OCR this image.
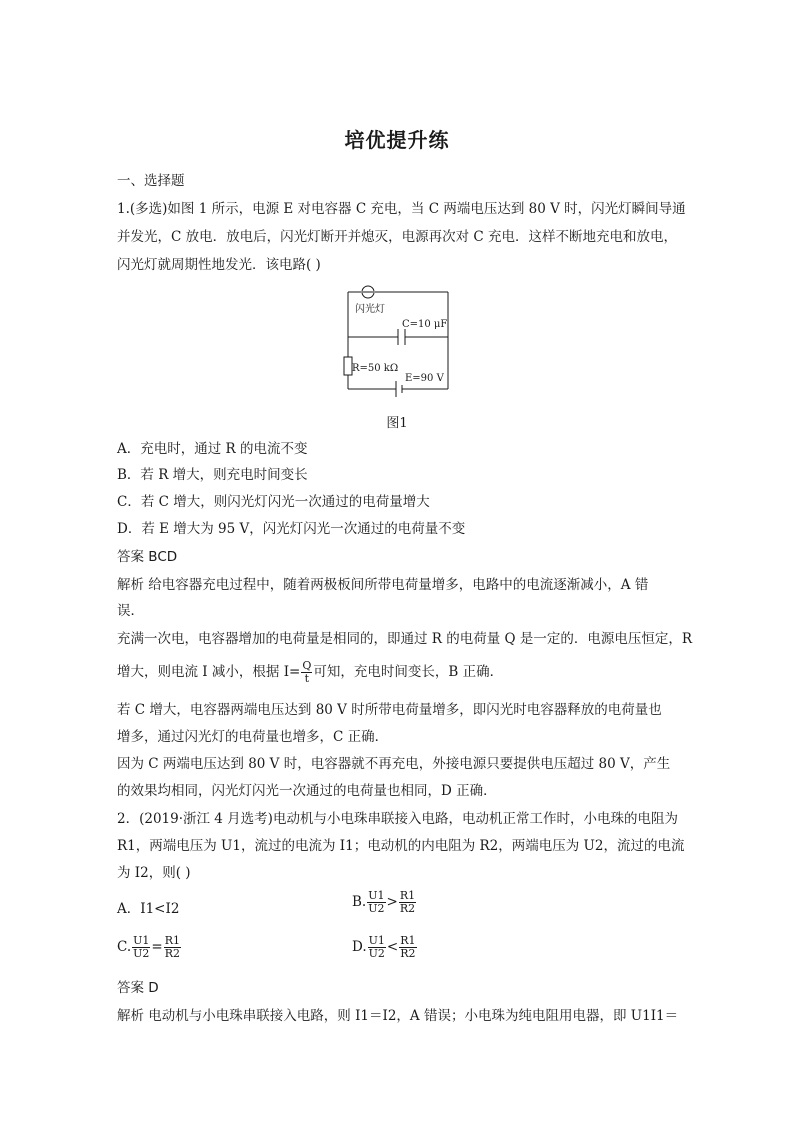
培优提升练
一、选择题
1.(多选)如图 1 所示，电源 E 对电容器 C 充电，当 C 两端电压达到 80 V 时，闪光灯瞬间导通
并发光，C 放电．放电后，闪光灯断开并熄灭，电源再次对 C 充电．这样不断地充电和放电，
闪光灯就周期性地发光．该电路( )
闪光灯
C=10 μF
R=50 kΩ
E=90 V
图1
A．充电时，通过 R 的电流不变
B．若 R 增大，则充电时间变长
C．若 C 增大，则闪光灯闪光一次通过的电荷量增大
D．若 E 增大为 95 V，闪光灯闪光一次通过的电荷量不变
答案 BCD
解析 给电容器充电过程中，随着两极板间所带电荷量增多，电路中的电流逐渐减小，A 错
误．
充满一次电，电容器增加的电荷量是相同的，即通过 R 的电荷量 Q 是一定的．电源电压恒定，R
增大，则电流 I 减小，根据 $I= \frac{Q}{t}$ 可知，充电时间变长，B 正确．
若 C 增大，电容器两端电压达到 80 V 时所带电荷量增多，即闪光时电容器释放的电荷量也
增多，通过闪光灯的电荷量也增多，C 正确．
因为 C 两端电压达到 80 V 时，电容器就不再充电，外接电源只要提供电压超过 80 V，产生
的效果均相同，闪光灯闪光一次通过的电荷量也相同，D 正确．
2．(2019·浙江 4 月选考)电动机与小电珠串联接入电路，电动机正常工作时，小电珠的电阻为
R1，两端电压为 U1，流过的电流为 I1；电动机的内电阻为 R2，两端电压为 U2，流过的电流
为 I2，则( )
A．I1<I2	B. $\frac{U1}{U2} > \frac{R1}{R2}$
C. $\frac{U1}{U2} = \frac{R1}{R2}$	D. $\frac{U1}{U2} < \frac{R1}{R2}$
答案 D
解析 电动机与小电珠串联接入电路，则 I1＝I2，A 错误；小电珠为纯电阻用电器，即 U1I1＝
